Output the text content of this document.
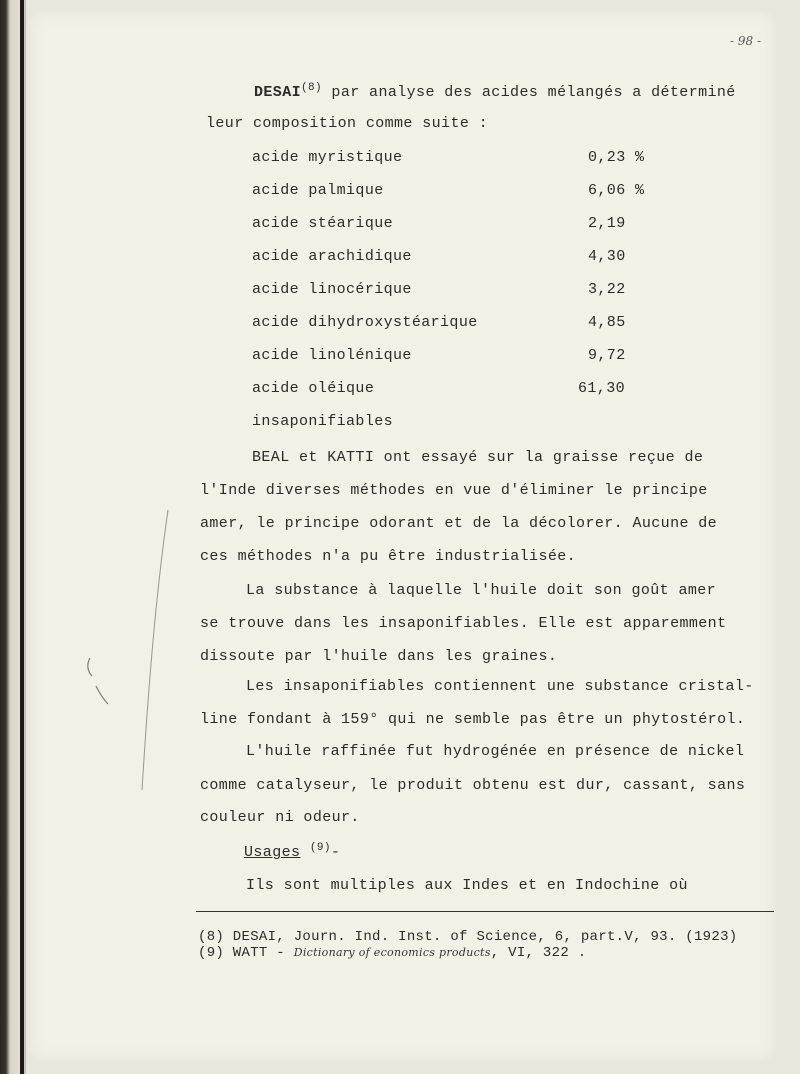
- 98 -
DESAI$^{(8)}$ par analyse des acides mélangés a déterminé
leur composition comme suite :
acide myristique	0,23 %
acide palmique	6,06 %
acide stéarique	2,19
acide arachidique	4,30
acide linocérique	3,22
acide dihydroxystéarique	4,85
acide linolénique	9,72
acide oléique	61,30
insaponifiables
BEAL et KATTI ont essayé sur la graisse reçue de
l'Inde diverses méthodes en vue d'éliminer le principe
amer, le principe odorant et de la décolorer. Aucune de
ces méthodes n'a pu être industrialisée.
La substance à laquelle l'huile doit son goût amer
se trouve dans les insaponifiables. Elle est apparemment
dissoute par l'huile dans les graines.
Les insaponifiables contiennent une substance cristal-
line fondant à 159° qui ne semble pas être un phytostérol.
L'huile raffinée fut hydrogénée en présence de nickel
comme catalyseur, le produit obtenu est dur, cassant, sans
couleur ni odeur.
Usages $^{(9)}$-
Ils sont multiples aux Indes et en Indochine où
(8) DESAI, Journ. Ind. Inst. of Science, 6, part.V, 93. (1923)
(9) WATT - Dictionary of economics products, VI, 322 .
